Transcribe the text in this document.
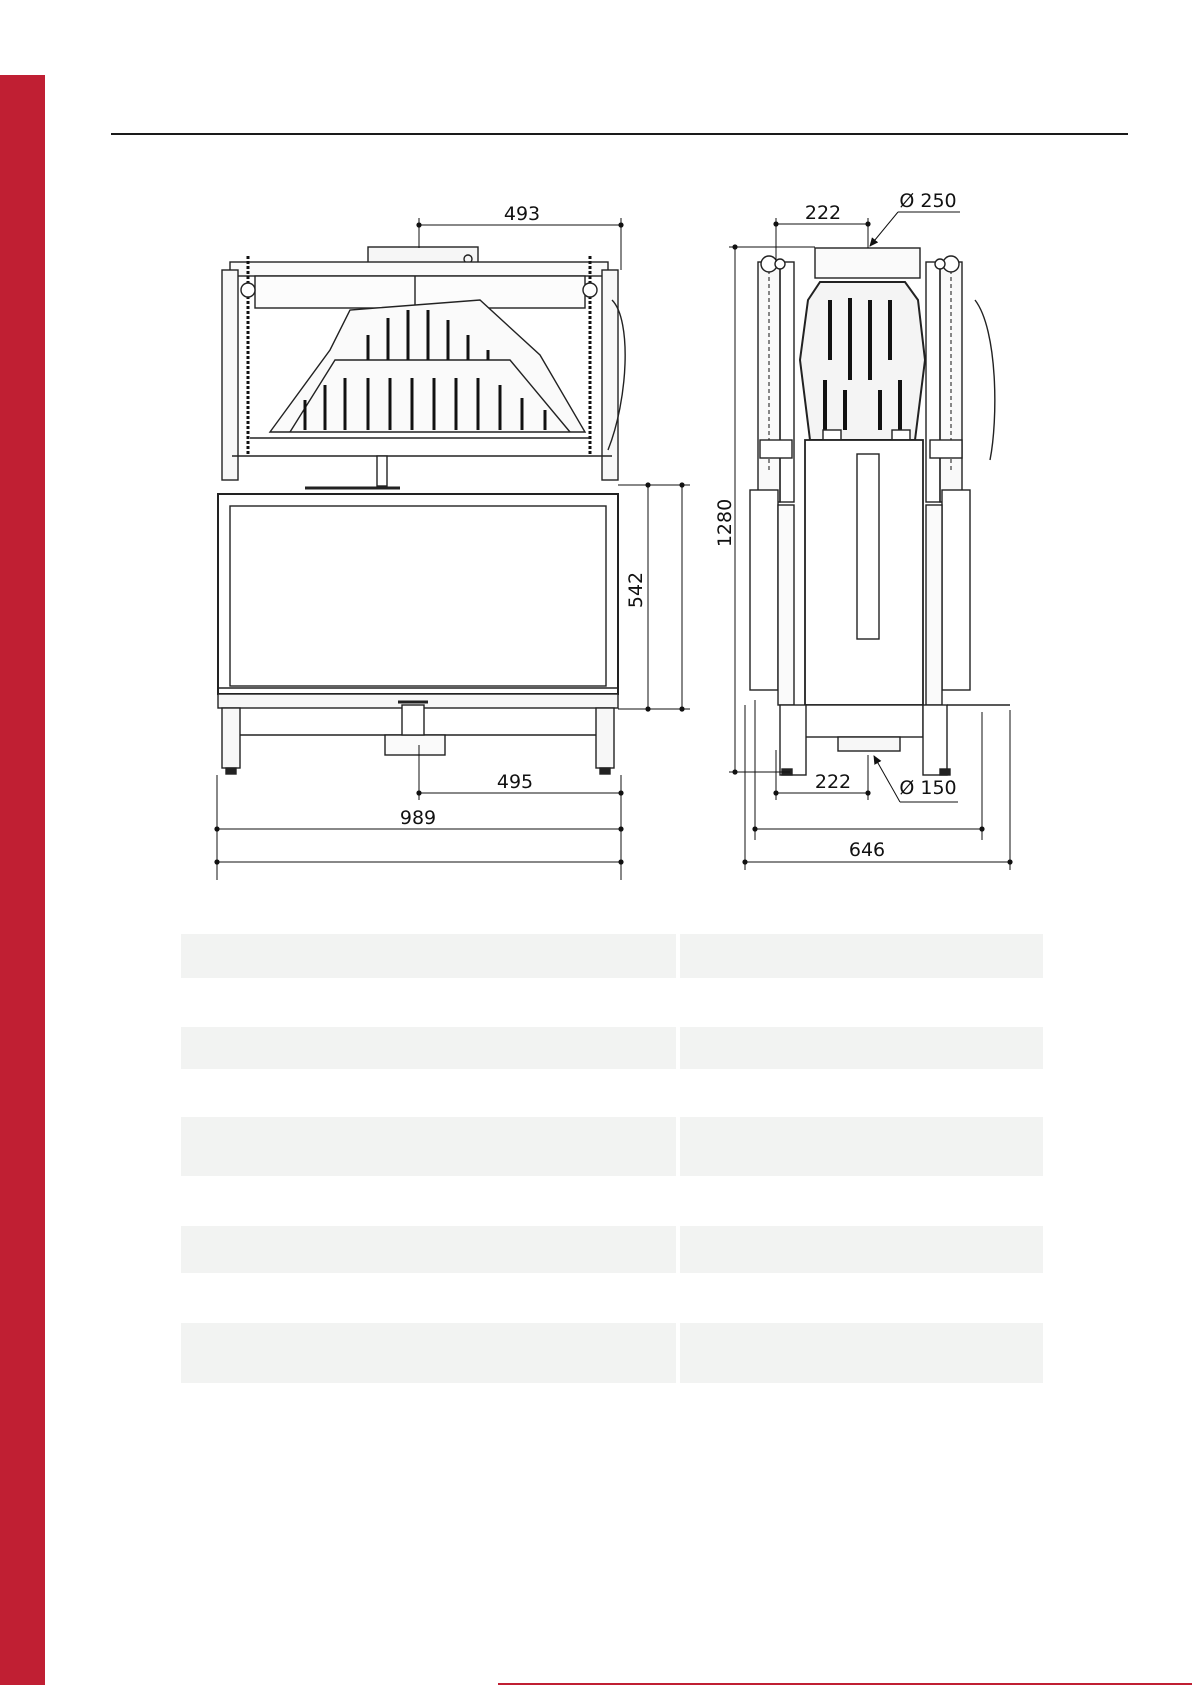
493
542
495
989
222
Ø 250
1280
222	Ø 150
646
